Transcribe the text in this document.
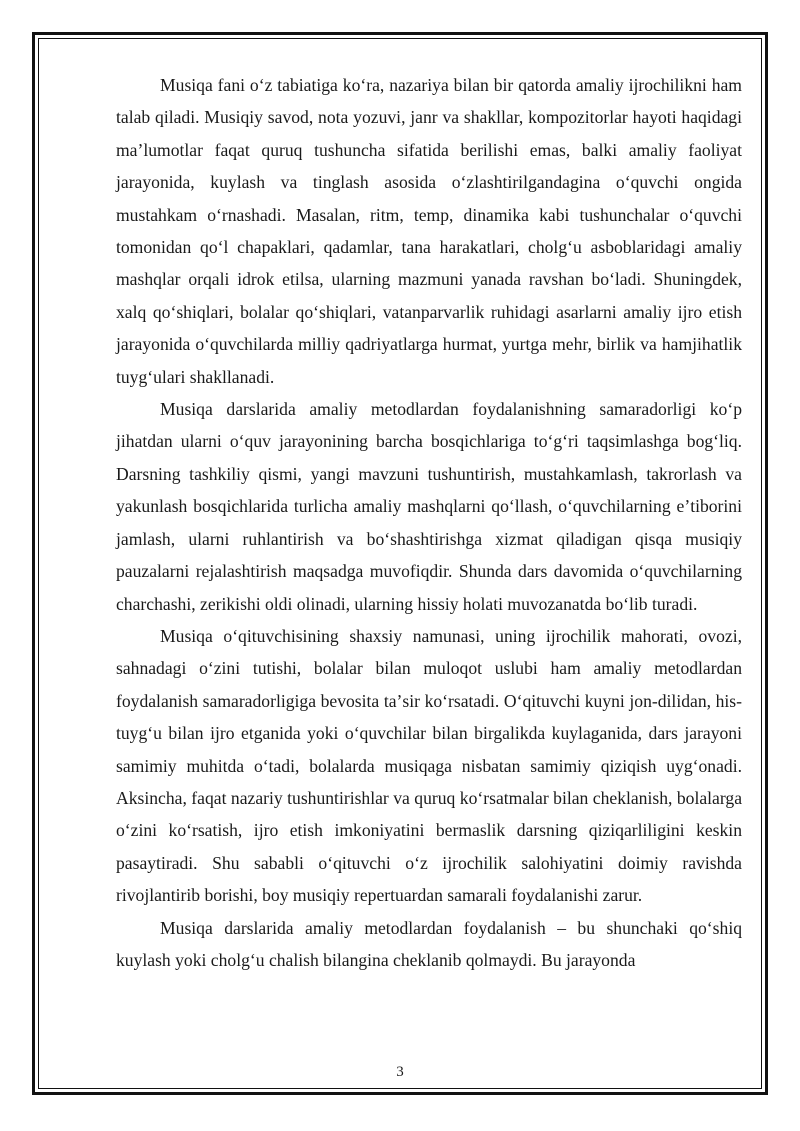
Musiqa fani oʻz tabiatiga koʻra, nazariya bilan bir qatorda amaliy ijrochilikni ham talab qiladi. Musiqiy savod, nota yozuvi, janr va shakllar, kompozitorlar hayoti haqidagi maʼlumotlar faqat quruq tushuncha sifatida berilishi emas, balki amaliy faoliyat jarayonida, kuylash va tinglash asosida oʻzlashtirilgandagina oʻquvchi ongida mustahkam oʻrnashadi. Masalan, ritm, temp, dinamika kabi tushunchalar oʻquvchi tomonidan qoʻl chapaklari, qadamlar, tana harakatlari, cholgʻu asboblaridagi amaliy mashqlar orqali idrok etilsa, ularning mazmuni yanada ravshan boʻladi. Shuningdek, xalq qoʻshiqlari, bolalar qoʻshiqlari, vatanparvarlik ruhidagi asarlarni amaliy ijro etish jarayonida oʻquvchilarda milliy qadriyatlarga hurmat, yurtga mehr, birlik va hamjihatlik tuygʻulari shakllanadi.

Musiqa darslarida amaliy metodlardan foydalanishning samaradorligi koʻp jihatdan ularni oʻquv jarayonining barcha bosqichlariga toʻgʻri taqsimlashga bogʻliq. Darsning tashkiliy qismi, yangi mavzuni tushuntirish, mustahkamlash, takrorlash va yakunlash bosqichlarida turlicha amaliy mashqlarni qoʻllash, oʻquvchilarning eʼtiborini jamlash, ularni ruhlantirish va boʻshashtirishga xizmat qiladigan qisqa musiqiy pauzalarni rejalashtirish maqsadga muvofiqdir. Shunda dars davomida oʻquvchilarning charchashi, zerikishi oldi olinadi, ularning hissiy holati muvozanatda boʻlib turadi.

Musiqa oʻqituvchisining shaxsiy namunasi, uning ijrochilik mahorati, ovozi, sahnadagi oʻzini tutishi, bolalar bilan muloqot uslubi ham amaliy metodlardan foydalanish samaradorligiga bevosita taʼsir koʻrsatadi. Oʻqituvchi kuyni jon-dilidan, his-tuygʻu bilan ijro etganida yoki oʻquvchilar bilan birgalikda kuylaganida, dars jarayoni samimiy muhitda oʻtadi, bolalarda musiqaga nisbatan samimiy qiziqish uygʻonadi. Aksincha, faqat nazariy tushuntirishlar va quruq koʻrsatmalar bilan cheklanish, bolalarga oʻzini koʻrsatish, ijro etish imkoniyatini bermaslik darsning qiziqarliligini keskin pasaytiradi. Shu sababli oʻqituvchi oʻz ijrochilik salohiyatini doimiy ravishda rivojlantirib borishi, boy musiqiy repertuardan samarali foydalanishi zarur.

Musiqa darslarida amaliy metodlardan foydalanish – bu shunchaki qoʻshiq kuylash yoki cholgʻu chalish bilangina cheklanib qolmaydi. Bu jarayonda

3
